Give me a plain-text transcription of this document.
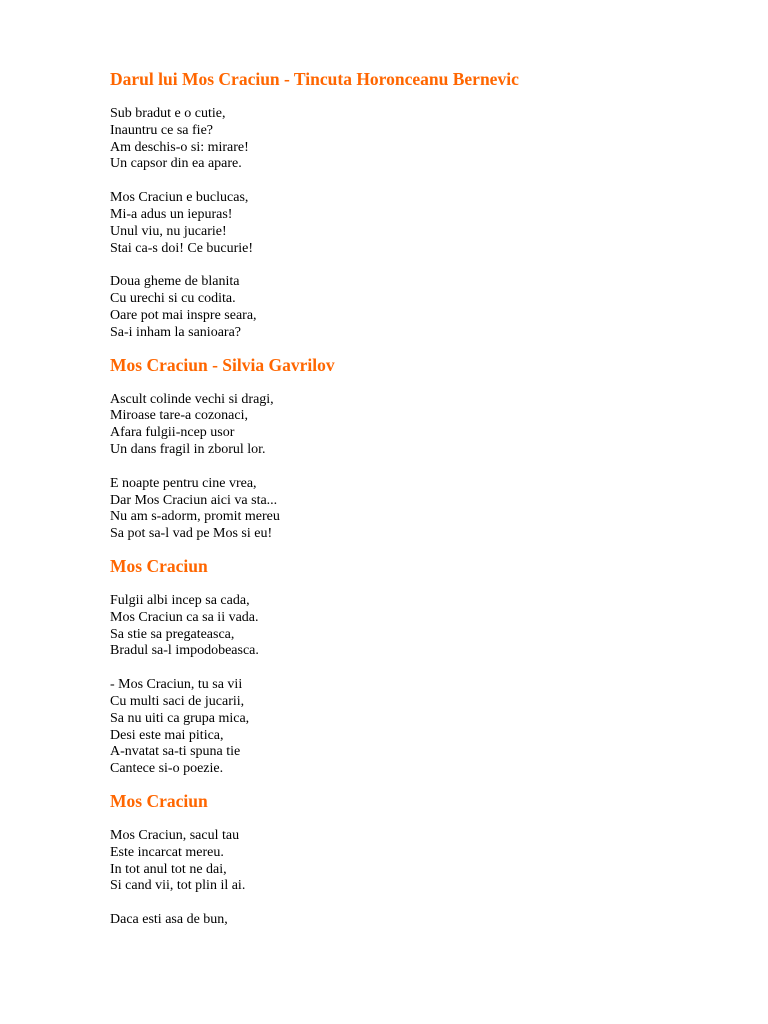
Darul lui Mos Craciun - Tincuta Horonceanu Bernevic

Sub bradut e o cutie,
Inauntru ce sa fie?
Am deschis-o si: mirare!
Un capsor din ea apare.

Mos Craciun e buclucas,
Mi-a adus un iepuras!
Unul viu, nu jucarie!
Stai ca-s doi! Ce bucurie!

Doua gheme de blanita
Cu urechi si cu codita.
Oare pot mai inspre seara,
Sa-i inham la sanioara?

Mos Craciun - Silvia Gavrilov

Ascult colinde vechi si dragi,
Miroase tare-a cozonaci,
Afara fulgii-ncep usor
Un dans fragil in zborul lor.

E noapte pentru cine vrea,
Dar Mos Craciun aici va sta...
Nu am s-adorm, promit mereu
Sa pot sa-l vad pe Mos si eu!

Mos Craciun

Fulgii albi incep sa cada,
Mos Craciun ca sa ii vada.
Sa stie sa pregateasca,
Bradul sa-l impodobeasca.

- Mos Craciun, tu sa vii
Cu multi saci de jucarii,
Sa nu uiti ca grupa mica,
Desi este mai pitica,
A-nvatat sa-ti spuna tie
Cantece si-o poezie.

Mos Craciun

Mos Craciun, sacul tau
Este incarcat mereu.
In tot anul tot ne dai,
Si cand vii, tot plin il ai.

Daca esti asa de bun,
